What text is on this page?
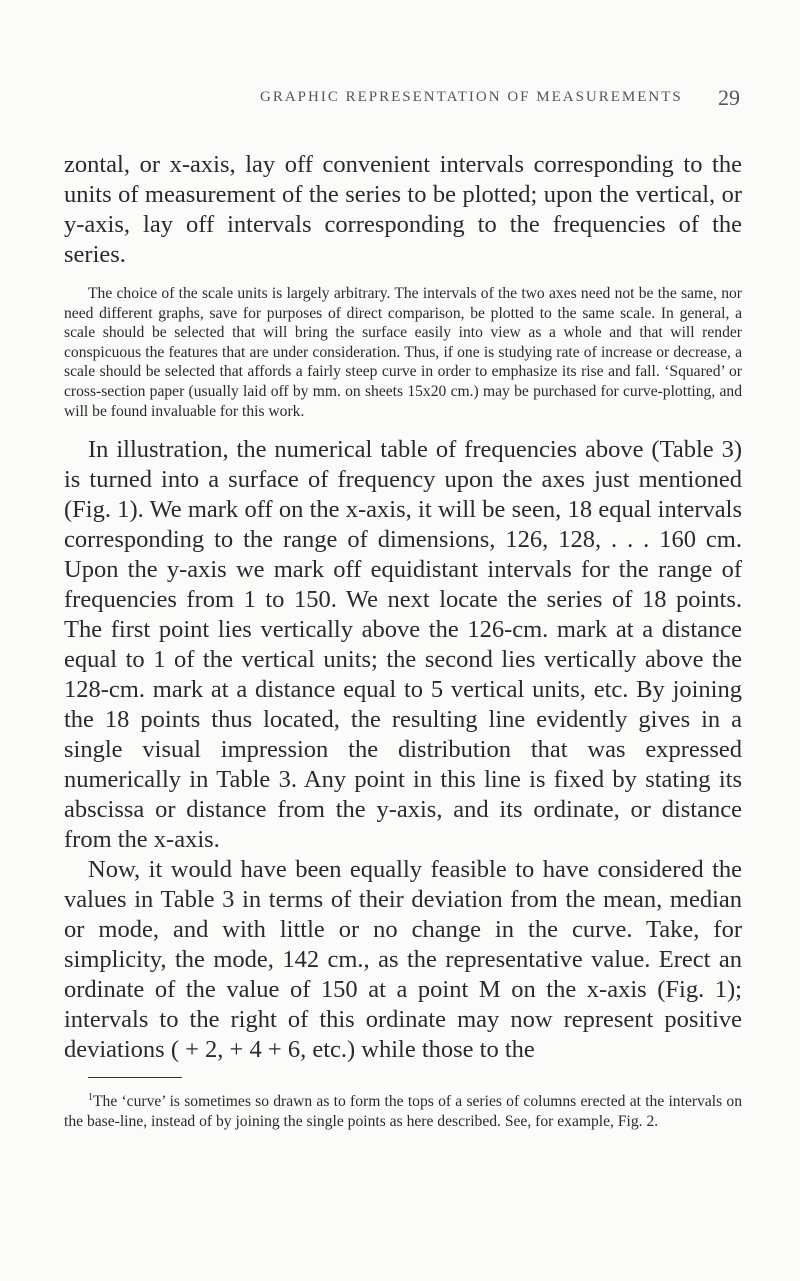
GRAPHIC REPRESENTATION OF MEASUREMENTS 29

zontal, or x-axis, lay off convenient intervals corresponding to the units of measurement of the series to be plotted; upon the vertical, or y-axis, lay off intervals corresponding to the frequencies of the series.

The choice of the scale units is largely arbitrary. The intervals of the two axes need not be the same, nor need different graphs, save for purposes of direct comparison, be plotted to the same scale. In general, a scale should be selected that will bring the surface easily into view as a whole and that will render conspicuous the features that are under consideration. Thus, if one is studying rate of increase or decrease, a scale should be selected that affords a fairly steep curve in order to emphasize its rise and fall. ‘Squared’ or cross-section paper (usually laid off by mm. on sheets 15x20 cm.) may be purchased for curve-plotting, and will be found invaluable for this work.

In illustration, the numerical table of frequencies above (Table 3) is turned into a surface of frequency upon the axes just mentioned (Fig. 1). We mark off on the x-axis, it will be seen, 18 equal intervals corresponding to the range of dimensions, 126, 128, . . . 160 cm. Upon the y-axis we mark off equidistant intervals for the range of frequencies from 1 to 150. We next locate the series of 18 points. The first point lies vertically above the 126-cm. mark at a distance equal to 1 of the vertical units; the second lies vertically above the 128-cm. mark at a distance equal to 5 vertical units, etc. By joining the 18 points thus located, the resulting line evidently gives in a single visual impression the distribution that was expressed numerically in Table 3. Any point in this line is fixed by stating its abscissa or distance from the y-axis, and its ordinate, or distance from the x-axis.

Now, it would have been equally feasible to have considered the values in Table 3 in terms of their deviation from the mean, median or mode, and with little or no change in the curve. Take, for simplicity, the mode, 142 cm., as the representative value. Erect an ordinate of the value of 150 at a point M on the x-axis (Fig. 1); intervals to the right of this ordinate may now represent positive deviations ( + 2, + 4 + 6, etc.) while those to the

$^1$The ‘curve’ is sometimes so drawn as to form the tops of a series of columns erected at the intervals on the base-line, instead of by joining the single points as here described. See, for example, Fig. 2.
